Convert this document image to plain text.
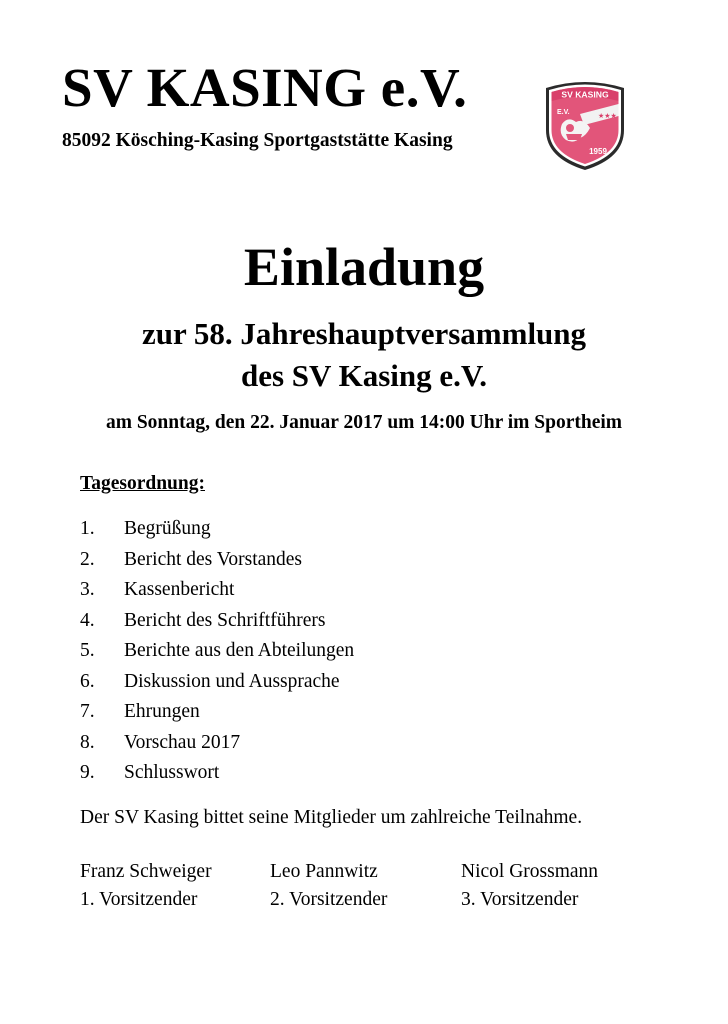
SV KASING e.V.
85092 Kösching-Kasing Sportgaststätte Kasing
SV KASING
E.V.	★★★
1959
Einladung
zur 58. Jahreshauptversammlung
des SV Kasing e.V.
am Sonntag, den 22. Januar 2017 um 14:00 Uhr im Sportheim
Tagesordnung:
1. Begrüßung
2. Bericht des Vorstandes
3. Kassenbericht
4. Bericht des Schriftführers
5. Berichte aus den Abteilungen
6. Diskussion und Aussprache
7. Ehrungen
8. Vorschau 2017
9. Schlusswort
Der SV Kasing bittet seine Mitglieder um zahlreiche Teilnahme.
Franz Schweiger
1. Vorsitzender
Leo Pannwitz
2. Vorsitzender
Nicol Grossmann
3. Vorsitzender
